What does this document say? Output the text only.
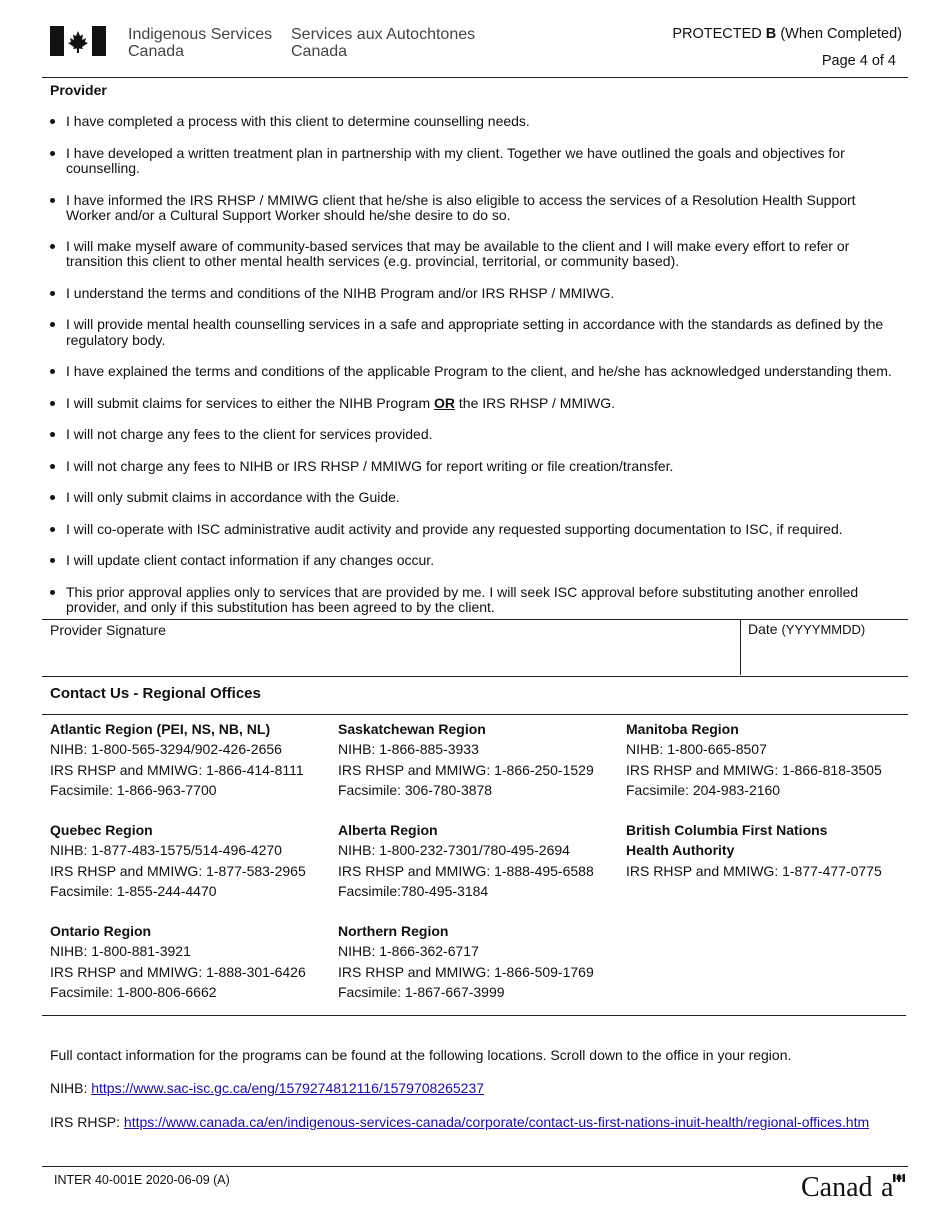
Indigenous Services
Canada
Services aux Autochtones
Canada
PROTECTED B (When Completed)
Page 4 of 4
Provider
I have completed a process with this client to determine counselling needs.
I have developed a written treatment plan in partnership with my client. Together we have outlined the goals and objectives for counselling.
I have informed the IRS RHSP / MMIWG client that he/she is also eligible to access the services of a Resolution Health Support Worker and/or a Cultural Support Worker should he/she desire to do so.
I will make myself aware of community-based services that may be available to the client and I will make every effort to refer or transition this client to other mental health services (e.g. provincial, territorial, or community based).
I understand the terms and conditions of the NIHB Program and/or IRS RHSP / MMIWG.
I will provide mental health counselling services in a safe and appropriate setting in accordance with the standards as defined by the regulatory body.
I have explained the terms and conditions of the applicable Program to the client, and he/she has acknowledged understanding them.
I will submit claims for services to either the NIHB Program OR the IRS RHSP / MMIWG.
I will not charge any fees to the client for services provided.
I will not charge any fees to NIHB or IRS RHSP / MMIWG for report writing or file creation/transfer.
I will only submit claims in accordance with the Guide.
I will co-operate with ISC administrative audit activity and provide any requested supporting documentation to ISC, if required.
I will update client contact information if any changes occur.
This prior approval applies only to services that are provided by me. I will seek ISC approval before substituting another enrolled provider, and only if this substitution has been agreed to by the client.
Provider Signature	Date (YYYYMMDD)
Contact Us - Regional Offices
Atlantic Region (PEI, NS, NB, NL)
NIHB: 1-800-565-3294/902-426-2656
IRS RHSP and MMIWG: 1-866-414-8111
Facsimile: 1-866-963-7700
Saskatchewan Region
NIHB: 1-866-885-3933
IRS RHSP and MMIWG: 1-866-250-1529
Facsimile: 306-780-3878
Manitoba Region
NIHB: 1-800-665-8507
IRS RHSP and MMIWG: 1-866-818-3505
Facsimile: 204-983-2160
Quebec Region
NIHB: 1-877-483-1575/514-496-4270
IRS RHSP and MMIWG: 1-877-583-2965
Facsimile: 1-855-244-4470
Alberta Region
NIHB: 1-800-232-7301/780-495-2694
IRS RHSP and MMIWG: 1-888-495-6588
Facsimile:780-495-3184
British Columbia First Nations
Health Authority
IRS RHSP and MMIWG: 1-877-477-0775
Ontario Region
NIHB: 1-800-881-3921
IRS RHSP and MMIWG: 1-888-301-6426
Facsimile: 1-800-806-6662
Northern Region
NIHB: 1-866-362-6717
IRS RHSP and MMIWG: 1-866-509-1769
Facsimile: 1-867-667-3999
Full contact information for the programs can be found at the following locations. Scroll down to the office in your region.
NIHB: https://www.sac-isc.gc.ca/eng/1579274812116/1579708265237
IRS RHSP: https://www.canada.ca/en/indigenous-services-canada/corporate/contact-us-first-nations-inuit-health/regional-offices.htm
INTER 40-001E 2020-06-09 (A)	Canad a
